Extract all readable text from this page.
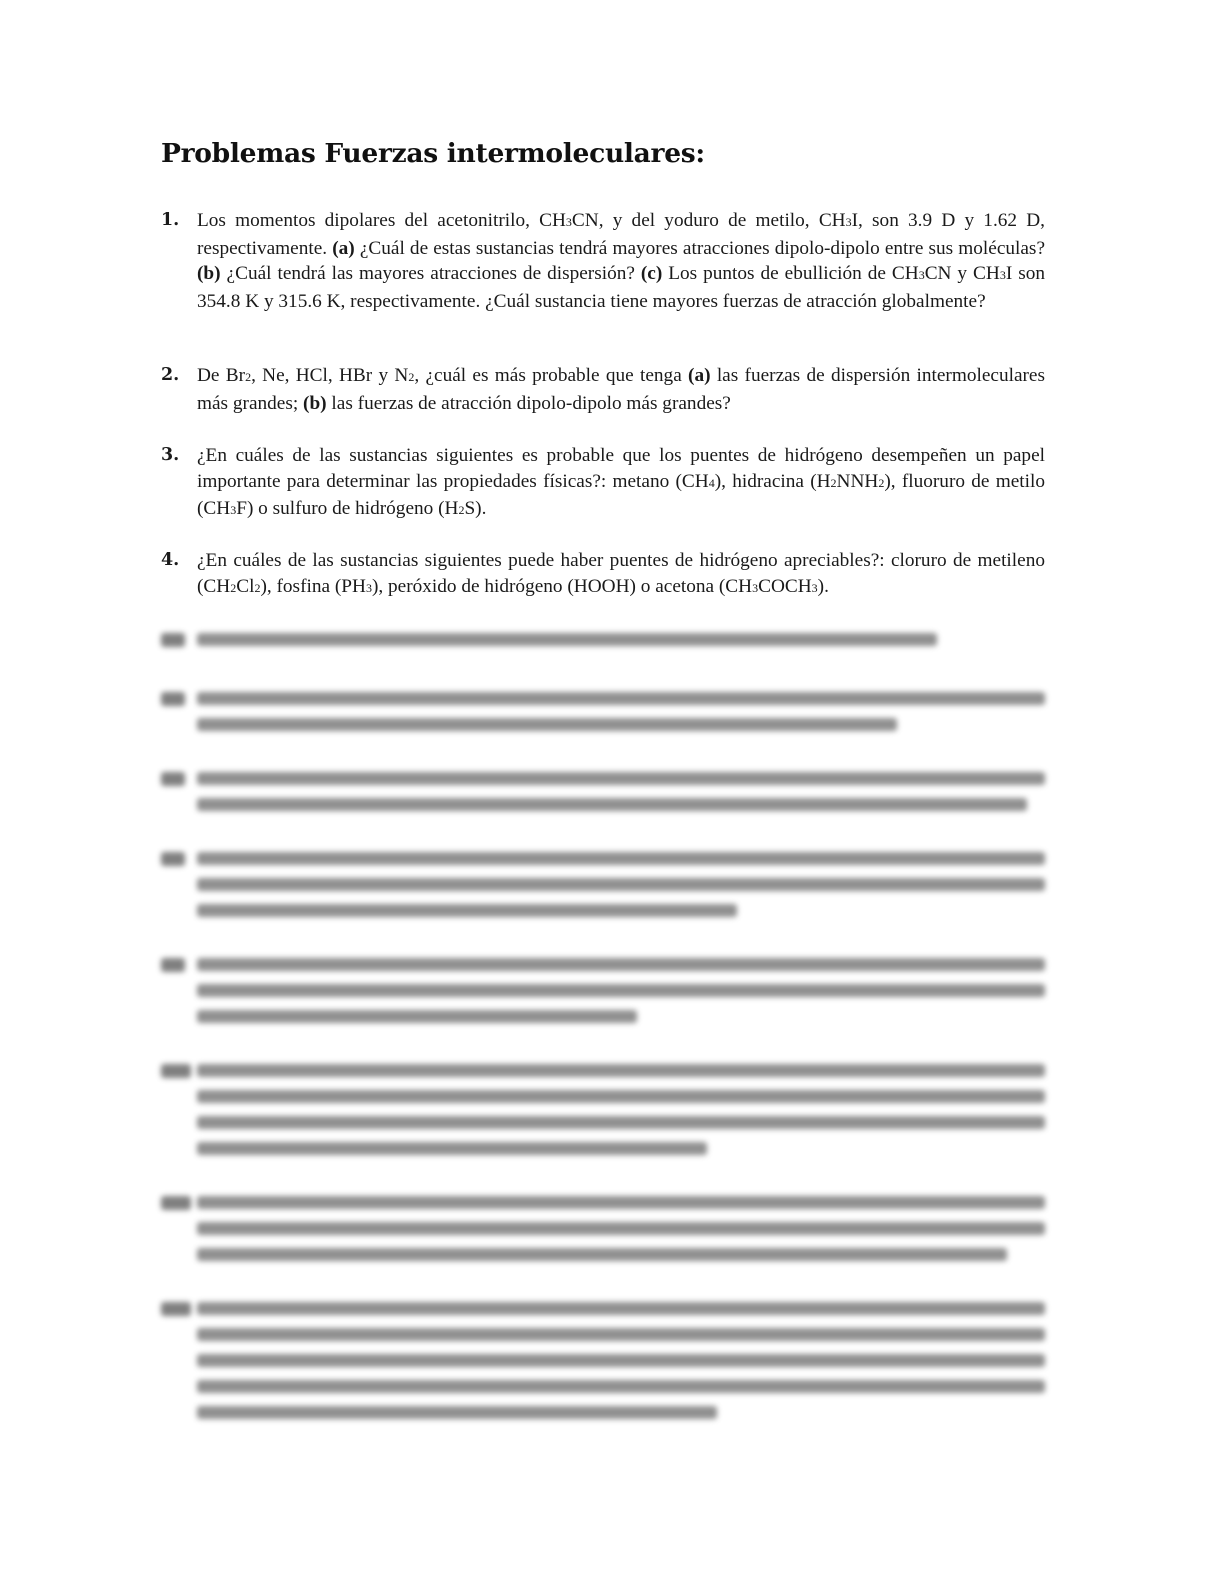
Problemas Fuerzas intermoleculares:
1. Los momentos dipolares del acetonitrilo, CH3CN, y del yoduro de metilo, CH3I, son 3.9 D y 1.62 D, respectivamente. (a) ¿Cuál de estas sustancias tendrá mayores atracciones dipolo-dipolo entre sus moléculas? (b) ¿Cuál tendrá las mayores atracciones de dispersión? (c) Los puntos de ebullición de CH3CN y CH3I son 354.8 K y 315.6 K, respectivamente. ¿Cuál sustancia tiene mayores fuerzas de atracción globalmente?
2. De Br2, Ne, HCl, HBr y N2, ¿cuál es más probable que tenga (a) las fuerzas de dispersión intermoleculares más grandes; (b) las fuerzas de atracción dipolo-dipolo más grandes?
3. ¿En cuáles de las sustancias siguientes es probable que los puentes de hidrógeno desempeñen un papel importante para determinar las propiedades físicas?: metano (CH4), hidracina (H2NNH2), fluoruro de metilo (CH3F) o sulfuro de hidrógeno (H2S).
4. ¿En cuáles de las sustancias siguientes puede haber puentes de hidrógeno apreciables?: cloruro de metileno (CH2Cl2), fosfina (PH3), peróxido de hidrógeno (HOOH) o acetona (CH3COCH3).
